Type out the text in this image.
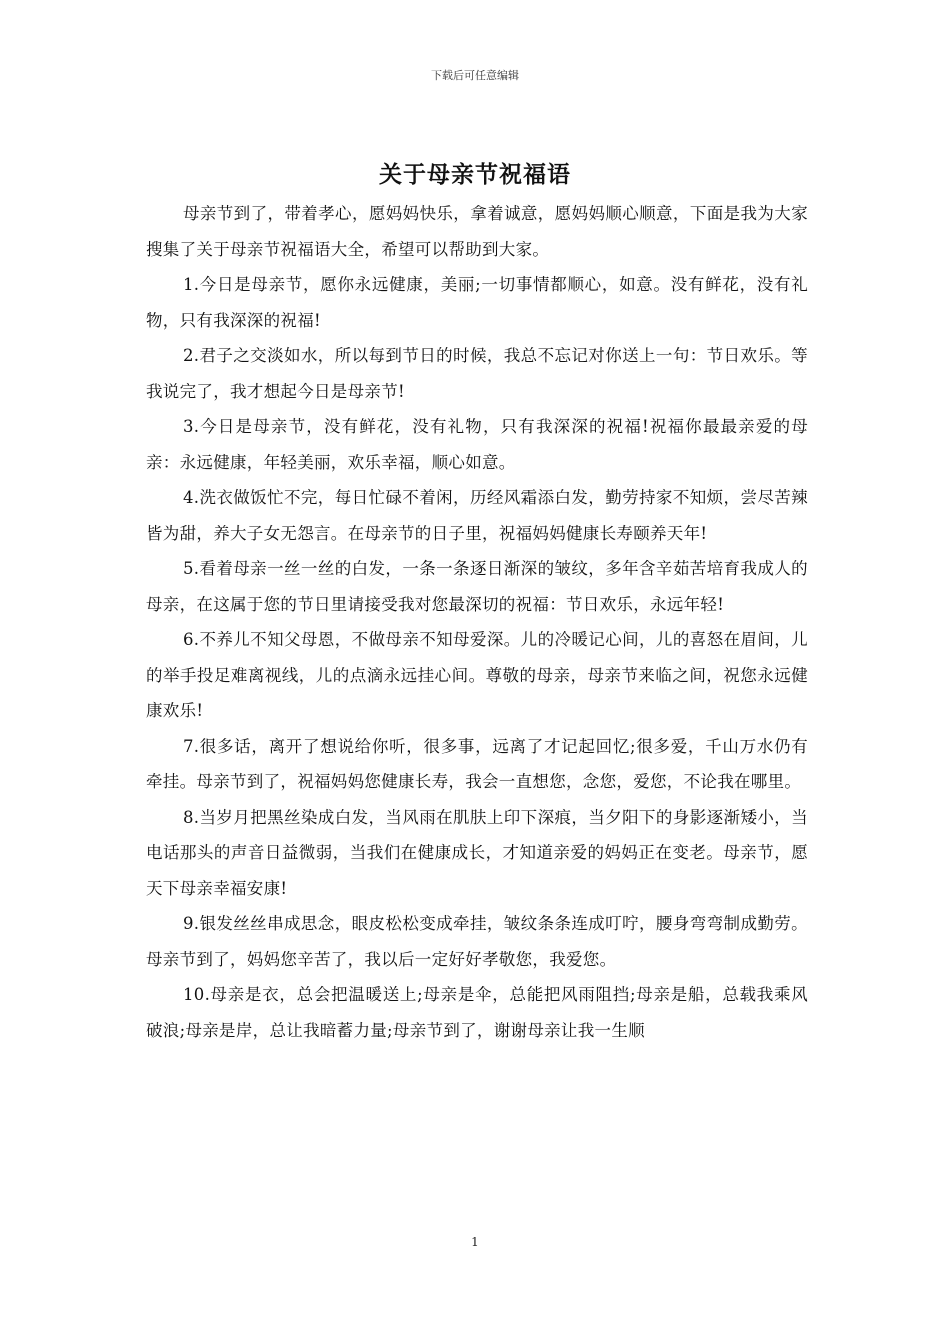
下载后可任意编辑
关于母亲节祝福语

母亲节到了，带着孝心，愿妈妈快乐，拿着诚意，愿妈妈顺心顺意，下面是我为大家搜集了关于母亲节祝福语大全，希望可以帮助到大家。

1.今日是母亲节，愿你永远健康，美丽;一切事情都顺心，如意。没有鲜花，没有礼物，只有我深深的祝福!

2.君子之交淡如水，所以每到节日的时候，我总不忘记对你送上一句：节日欢乐。等我说完了，我才想起今日是母亲节!

3.今日是母亲节，没有鲜花，没有礼物，只有我深深的祝福!祝福你最最亲爱的母亲：永远健康，年轻美丽，欢乐幸福，顺心如意。

4.洗衣做饭忙不完，每日忙碌不着闲，历经风霜添白发，勤劳持家不知烦，尝尽苦辣皆为甜，养大子女无怨言。在母亲节的日子里，祝福妈妈健康长寿颐养天年!

5.看着母亲一丝一丝的白发，一条一条逐日渐深的皱纹，多年含辛茹苦培育我成人的母亲，在这属于您的节日里请接受我对您最深切的祝福：节日欢乐，永远年轻!

6.不养儿不知父母恩，不做母亲不知母爱深。儿的冷暖记心间，儿的喜怒在眉间，儿的举手投足难离视线，儿的点滴永远挂心间。尊敬的母亲，母亲节来临之间，祝您永远健康欢乐!

7.很多话，离开了想说给你听，很多事，远离了才记起回忆;很多爱，千山万水仍有牵挂。母亲节到了，祝福妈妈您健康长寿，我会一直想您，念您，爱您，不论我在哪里。

8.当岁月把黑丝染成白发，当风雨在肌肤上印下深痕，当夕阳下的身影逐渐矮小，当电话那头的声音日益微弱，当我们在健康成长，才知道亲爱的妈妈正在变老。母亲节，愿天下母亲幸福安康!

9.银发丝丝串成思念，眼皮松松变成牵挂，皱纹条条连成叮咛，腰身弯弯制成勤劳。母亲节到了，妈妈您辛苦了，我以后一定好好孝敬您，我爱您。

10.母亲是衣，总会把温暖送上;母亲是伞，总能把风雨阻挡;母亲是船，总载我乘风破浪;母亲是岸，总让我暗蓄力量;母亲节到了，谢谢母亲让我一生顺

1
